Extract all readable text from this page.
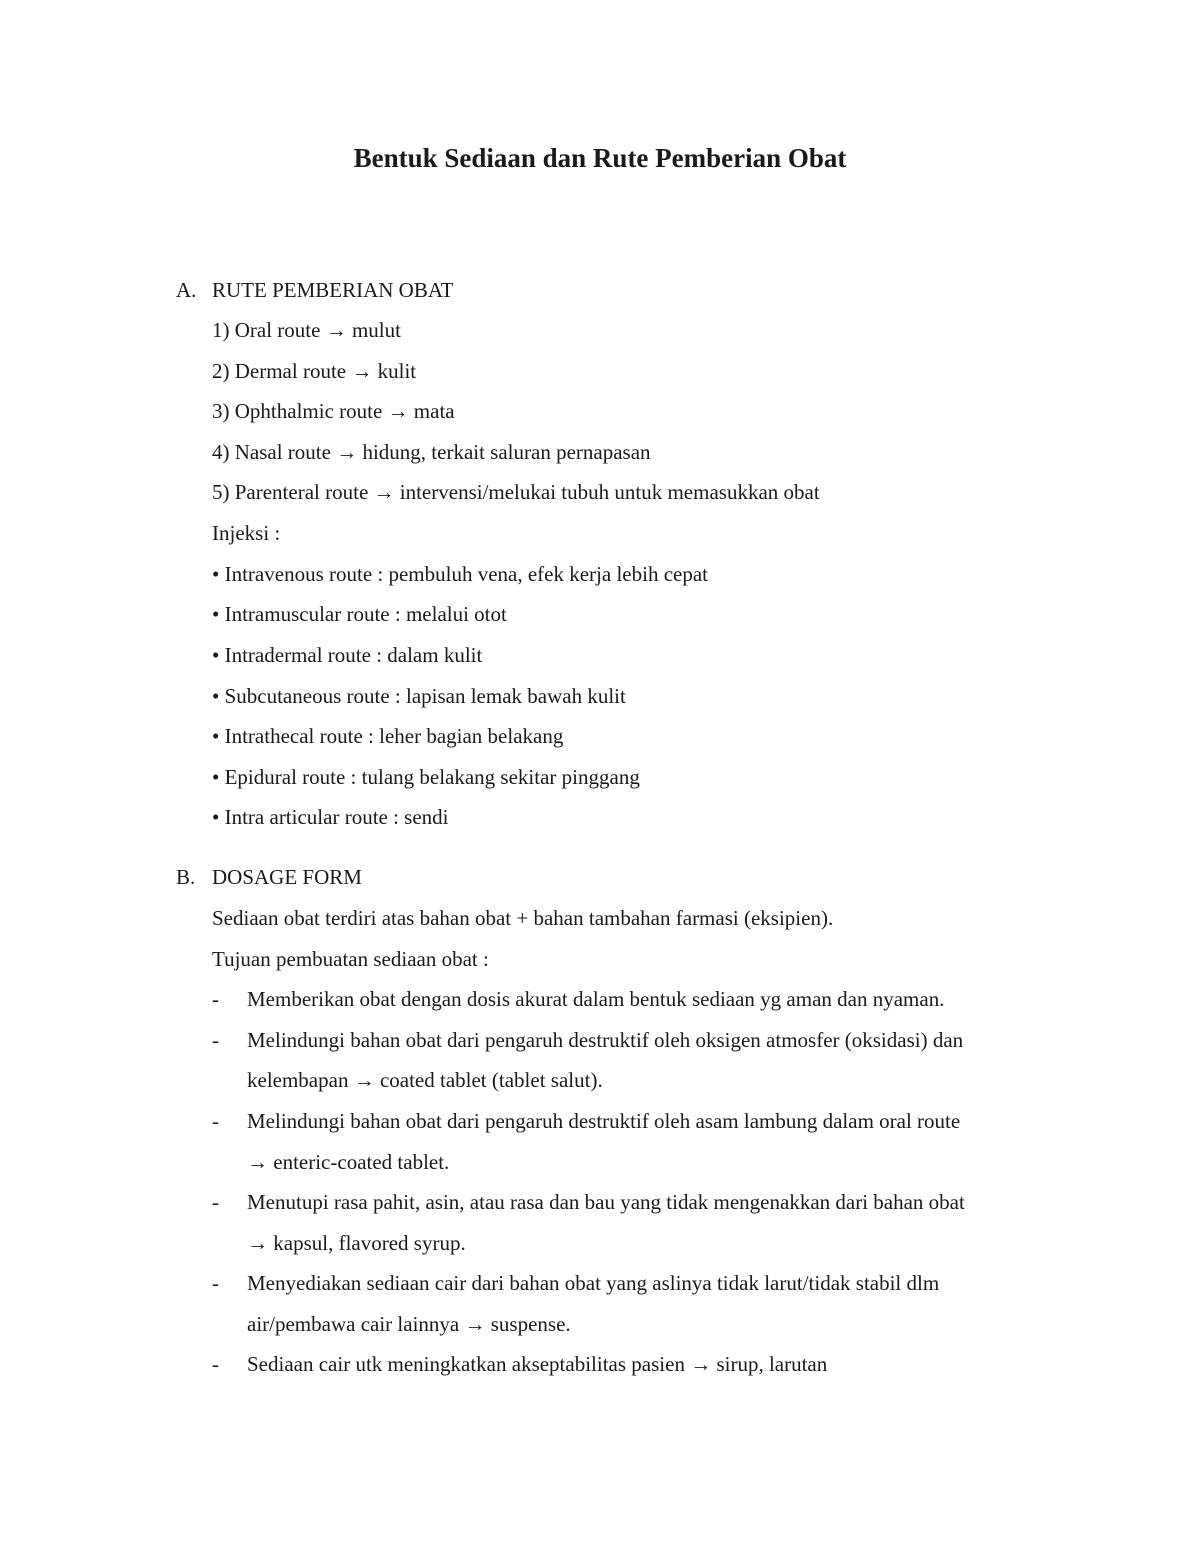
Bentuk Sediaan dan Rute Pemberian Obat
A. RUTE PEMBERIAN OBAT
1) Oral route → mulut
2) Dermal route → kulit
3) Ophthalmic route → mata
4) Nasal route → hidung, terkait saluran pernapasan
5) Parenteral route → intervensi/melukai tubuh untuk memasukkan obat
Injeksi :
• Intravenous route : pembuluh vena, efek kerja lebih cepat
• Intramuscular route : melalui otot
• Intradermal route : dalam kulit
• Subcutaneous route : lapisan lemak bawah kulit
• Intrathecal route : leher bagian belakang
• Epidural route : tulang belakang sekitar pinggang
• Intra articular route : sendi
B. DOSAGE FORM
Sediaan obat terdiri atas bahan obat + bahan tambahan farmasi (eksipien).
Tujuan pembuatan sediaan obat :
- Memberikan obat dengan dosis akurat dalam bentuk sediaan yg aman dan nyaman.
- Melindungi bahan obat dari pengaruh destruktif oleh oksigen atmosfer (oksidasi) dan
kelembapan → coated tablet (tablet salut).
- Melindungi bahan obat dari pengaruh destruktif oleh asam lambung dalam oral route
→ enteric-coated tablet.
- Menutupi rasa pahit, asin, atau rasa dan bau yang tidak mengenakkan dari bahan obat
→ kapsul, flavored syrup.
- Menyediakan sediaan cair dari bahan obat yang aslinya tidak larut/tidak stabil dlm
air/pembawa cair lainnya → suspense.
- Sediaan cair utk meningkatkan akseptabilitas pasien → sirup, larutan
